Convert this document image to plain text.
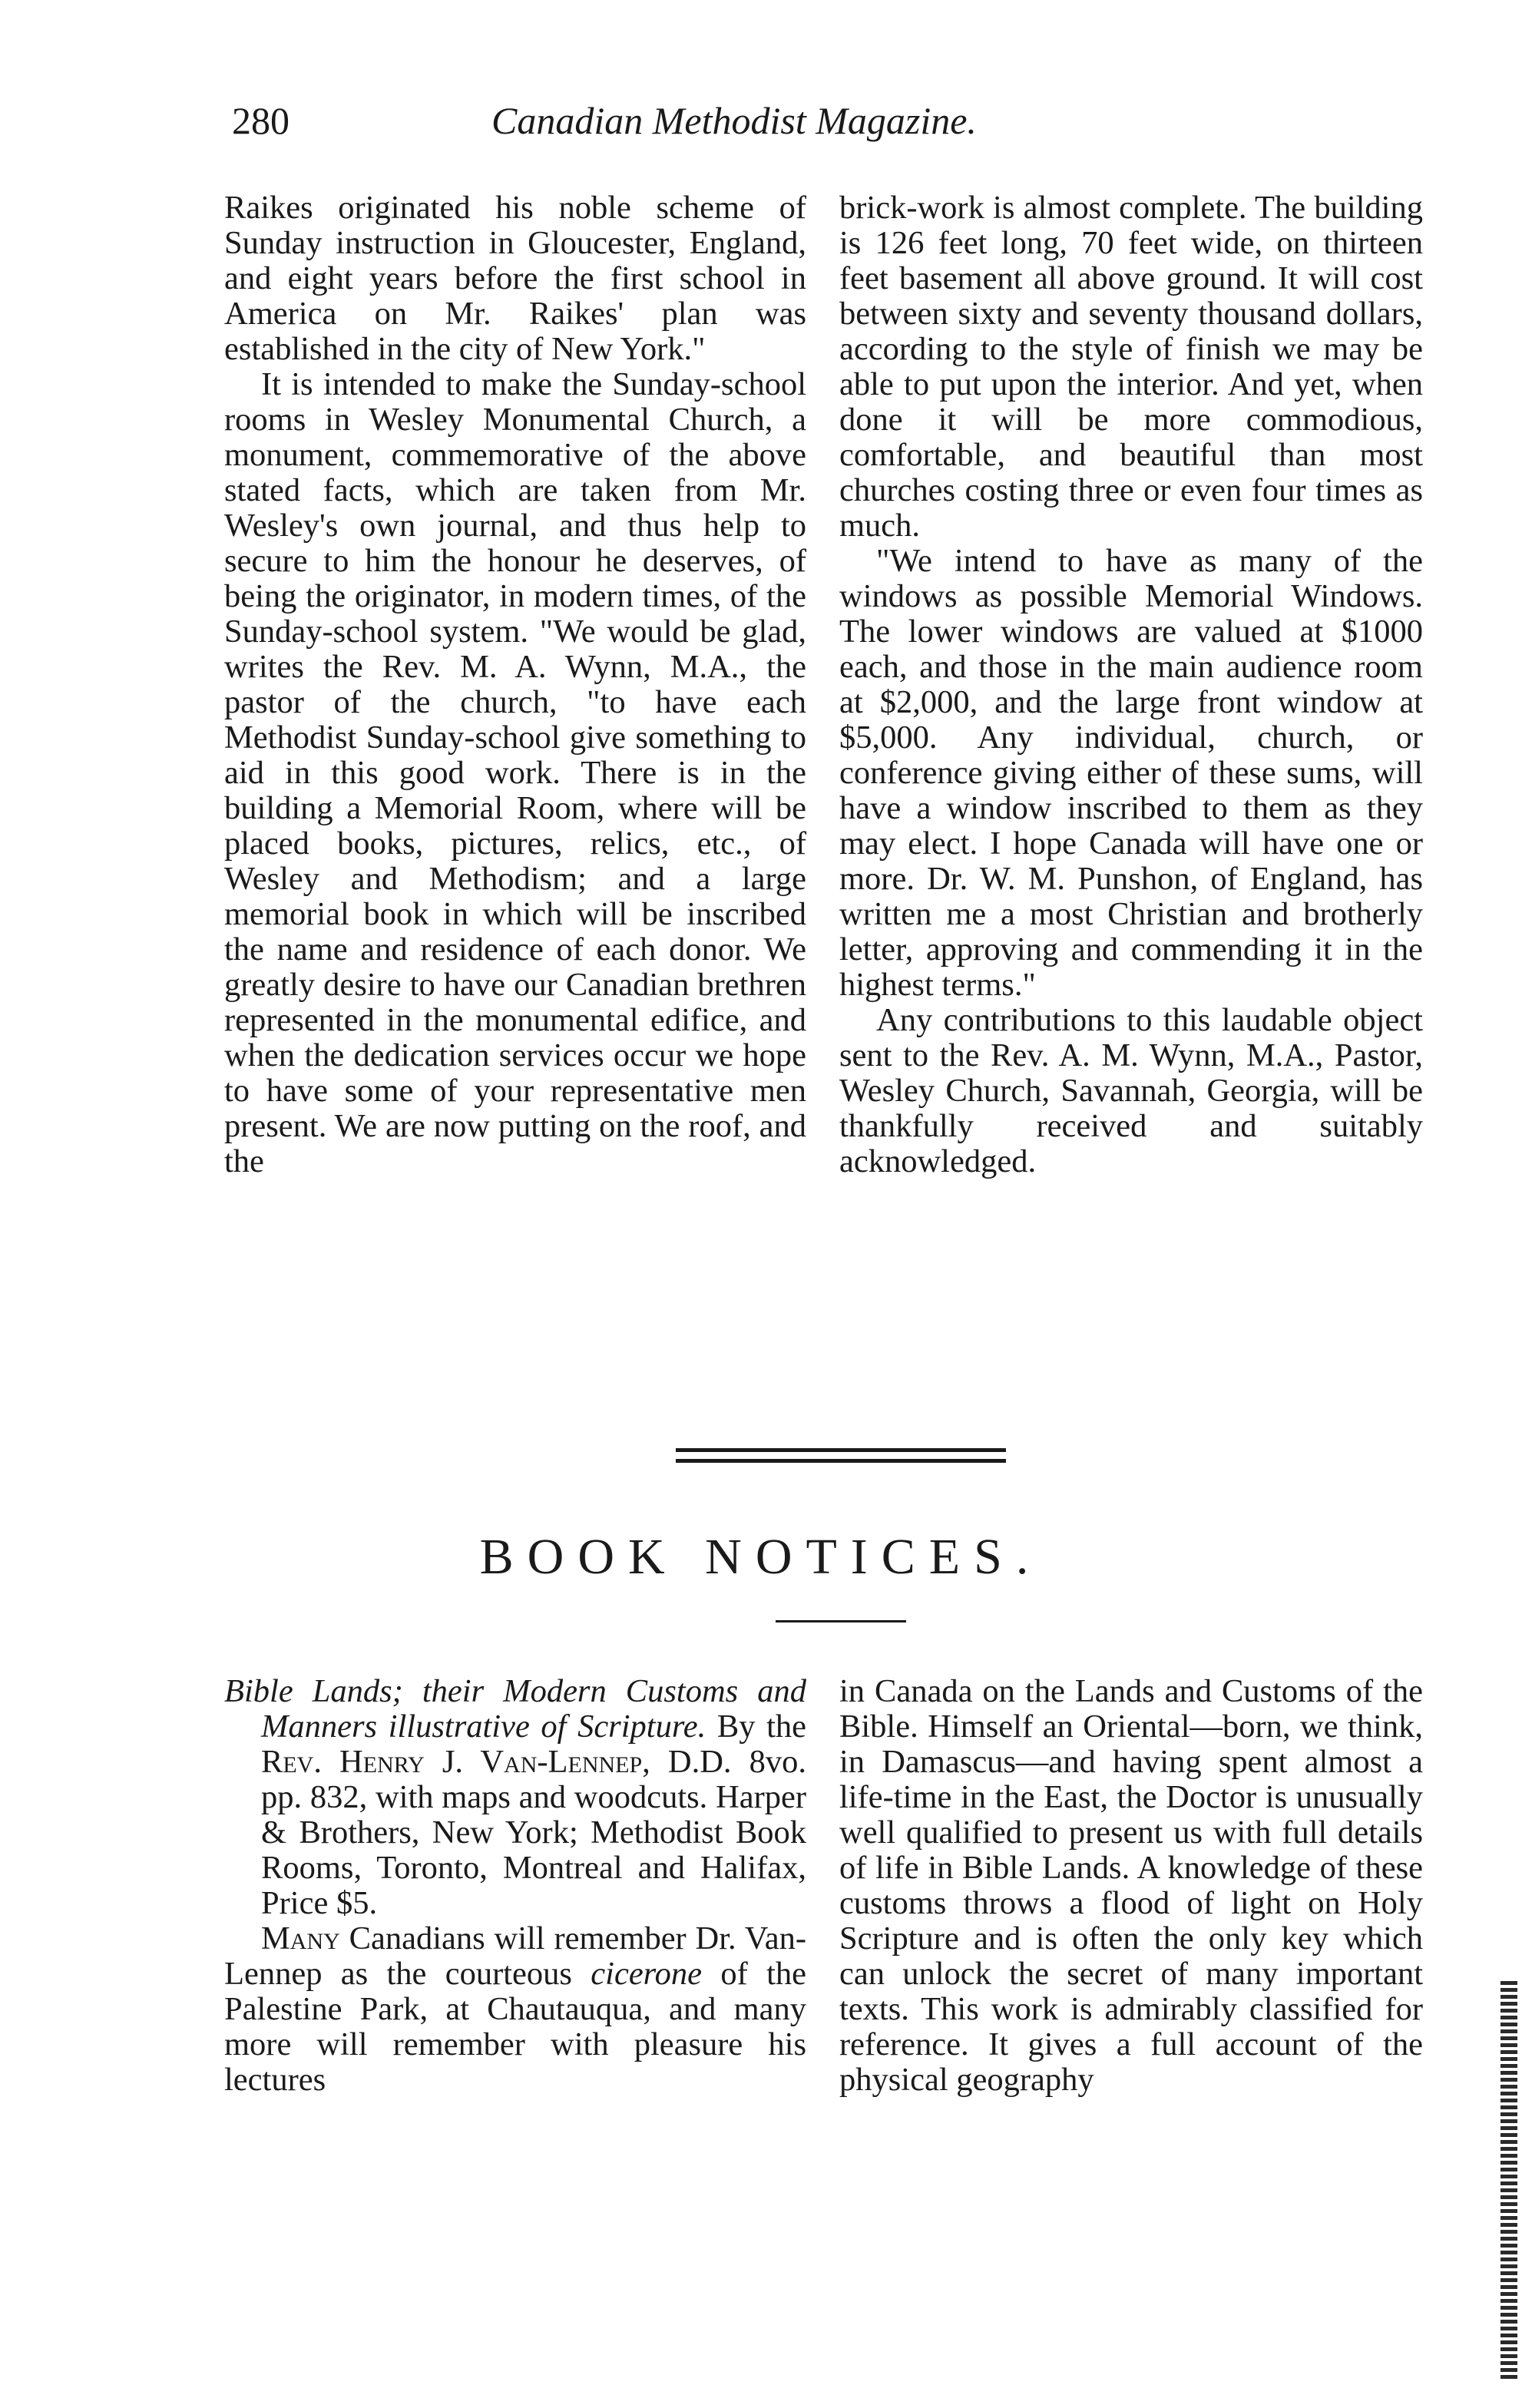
280	Canadian Methodist Magazine.

Raikes originated his noble scheme of Sunday instruction in Gloucester, England, and eight years before the first school in America on Mr. Raikes' plan was established in the city of New York."

It is intended to make the Sunday-school rooms in Wesley Monumental Church, a monument, commemorative of the above stated facts, which are taken from Mr. Wesley's own journal, and thus help to secure to him the honour he deserves, of being the originator, in modern times, of the Sunday-school system. "We would be glad, writes the Rev. M. A. Wynn, M.A., the pastor of the church, "to have each Methodist Sunday-school give something to aid in this good work. There is in the building a Memorial Room, where will be placed books, pictures, relics, etc., of Wesley and Methodism; and a large memorial book in which will be inscribed the name and residence of each donor. We greatly desire to have our Canadian brethren represented in the monumental edifice, and when the dedication services occur we hope to have some of your representative men present. We are now putting on the roof, and the

brick-work is almost complete. The building is 126 feet long, 70 feet wide, on thirteen feet basement all above ground. It will cost between sixty and seventy thousand dollars, according to the style of finish we may be able to put upon the interior. And yet, when done it will be more commodious, comfortable, and beautiful than most churches costing three or even four times as much.

"We intend to have as many of the windows as possible Memorial Windows. The lower windows are valued at $1000 each, and those in the main audience room at $2,000, and the large front window at $5,000. Any individual, church, or conference giving either of these sums, will have a window inscribed to them as they may elect. I hope Canada will have one or more. Dr. W. M. Punshon, of England, has written me a most Christian and brotherly letter, approving and commending it in the highest terms."

Any contributions to this laudable object sent to the Rev. A. M. Wynn, M.A., Pastor, Wesley Church, Savannah, Georgia, will be thankfully received and suitably acknowledged.

BOOK NOTICES.

Bible Lands; their Modern Customs and Manners illustrative of Scripture. By the Rev. Henry J. Van-Lennep, D.D. 8vo. pp. 832, with maps and woodcuts. Harper & Brothers, New York; Methodist Book Rooms, Toronto, Montreal and Halifax, Price $5.

Many Canadians will remember Dr. Van-Lennep as the courteous cicerone of the Palestine Park, at Chautauqua, and many more will remember with pleasure his lectures

in Canada on the Lands and Customs of the Bible. Himself an Oriental—born, we think, in Damascus—and having spent almost a life-time in the East, the Doctor is unusually well qualified to present us with full details of life in Bible Lands. A knowledge of these customs throws a flood of light on Holy Scripture and is often the only key which can unlock the secret of many important texts. This work is admirably classified for reference. It gives a full account of the physical geography
